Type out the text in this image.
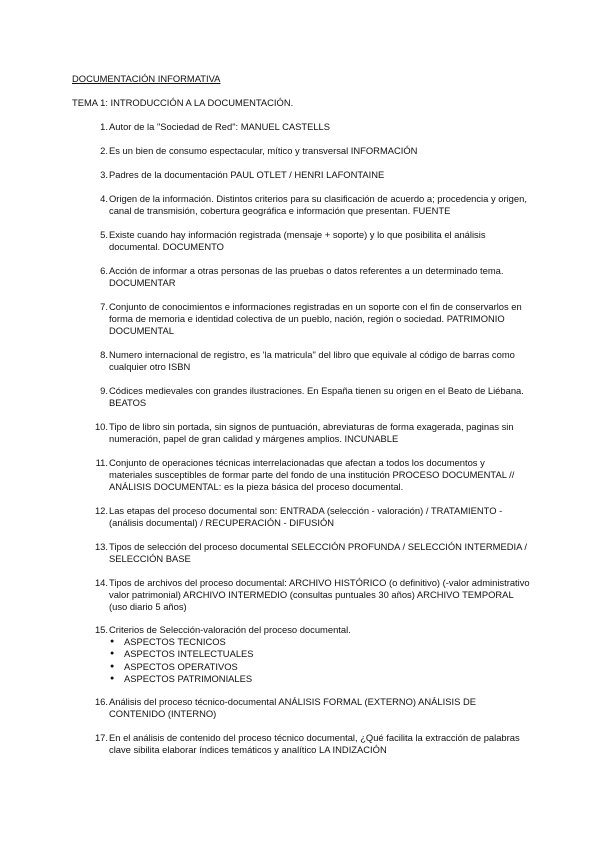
DOCUMENTACIÓN INFORMATIVA
TEMA 1: INTRODUCCIÓN A LA DOCUMENTACIÓN.
1. Autor de la "Sociedad de Red": MANUEL CASTELLS
2. Es un bien de consumo espectacular, mítico y transversal INFORMACIÓN
3. Padres de la documentación PAUL OTLET / HENRI LAFONTAINE
4. Origen de la información. Distintos criterios para su clasificación de acuerdo a; procedencia y origen, canal de transmisión, cobertura geográfica e información que presentan. FUENTE
5. Existe cuando hay información registrada (mensaje + soporte) y lo que posibilita el análisis documental. DOCUMENTO
6. Acción de informar a otras personas de las pruebas o datos referentes a un determinado tema. DOCUMENTAR
7. Conjunto de conocimientos e informaciones registradas en un soporte con el fin de conservarlos en forma de memoria e identidad colectiva de un pueblo, nación, región o sociedad. PATRIMONIO DOCUMENTAL
8. Numero internacional de registro, es 'la matricula" del libro que equivale al código de barras como cualquier otro ISBN
9. Códices medievales con grandes ilustraciones. En España tienen su origen en el Beato de Liébana. BEATOS
10. Tipo de libro sin portada, sin signos de puntuación, abreviaturas de forma exagerada, paginas sin numeración, papel de gran calidad y márgenes amplios. INCUNABLE
11. Conjunto de operaciones técnicas interrelacionadas que afectan a todos los documentos y materiales susceptibles de formar parte del fondo de una institución PROCESO DOCUMENTAL // ANÁLISIS DOCUMENTAL: es la pieza básica del proceso documental.
12. Las etapas del proceso documental son: ENTRADA (selección - valoración) / TRATAMIENTO - (análisis documental) / RECUPERACIÓN - DIFUSIÓN
13. Tipos de selección del proceso documental SELECCIÓN PROFUNDA / SELECCIÓN INTERMEDIA / SELECCIÓN BASE
14. Tipos de archivos del proceso documental: ARCHIVO HISTÓRICO (o definitivo) (-valor administrativo valor patrimonial) ARCHIVO INTERMEDIO (consultas puntuales 30 años) ARCHIVO TEMPORAL (uso diario 5 años)
15. Criterios de Selección-valoración del proceso documental.
● ASPECTOS TECNICOS
● ASPECTOS INTELECTUALES
● ASPECTOS OPERATIVOS
● ASPECTOS PATRIMONIALES
16. Análisis del proceso técnico-documental ANÁLISIS FORMAL (EXTERNO) ANÁLISIS DE CONTENIDO (INTERNO)
17. En el análisis de contenido del proceso técnico documental, ¿Qué facilita la extracción de palabras clave sibilita elaborar índices temáticos y analítico LA INDIZACIÓN
